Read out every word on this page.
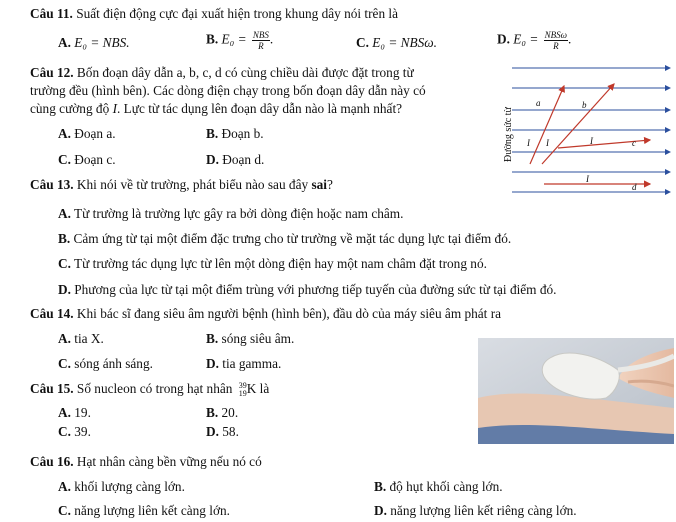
Câu 11. Suất điện động cực đại xuất hiện trong khung dây nói trên là
A. E₀ = NBS.	B. $E_0 = \frac{\text{NBS}}{R}$ .	C. E₀ = NBSω.	D. $E_0 = \frac{\text{NBSω}}{R}$ .
Câu 12. Bốn đoạn dây dẫn a, b, c, d có cùng chiều dài được đặt trong từ
trường đều (hình bên). Các dòng điện chạy trong bốn đoạn dây dẫn này có
cùng cường độ I. Lực từ tác dụng lên đoạn dây dẫn nào là mạnh nhất?
A. Đoạn a.	B. Đoạn b.
C. Đoạn c.	D. Đoạn d.	Đường sức từ
a	b
c
d
I I	I
I
Câu 13. Khi nói về từ trường, phát biểu nào sau đây sai?
A. Từ trường là trường lực gây ra bởi dòng điện hoặc nam châm.
B. Cảm ứng từ tại một điểm đặc trưng cho từ trường về mặt tác dụng lực tại điểm đó.
C. Từ trường tác dụng lực từ lên một dòng điện hay một nam châm đặt trong nó.
D. Phương của lực từ tại một điểm trùng với phương tiếp tuyến của đường sức từ tại điểm đó.
Câu 14. Khi bác sĩ đang siêu âm người bệnh (hình bên), đầu dò của máy siêu âm phát ra
A. tia X.	B. sóng siêu âm.
C. sóng ánh sáng.	D. tia gamma.
Câu 15. Số nucleon có trong hạt nhân 39
19 K là
A. 19.	B. 20.
C. 39.	D. 58.
Câu 16. Hạt nhân càng bền vững nếu nó có
A. khối lượng càng lớn.	B. độ hụt khối càng lớn.
C. năng lượng liên kết càng lớn.	D. năng lượng liên kết riêng càng lớn.
